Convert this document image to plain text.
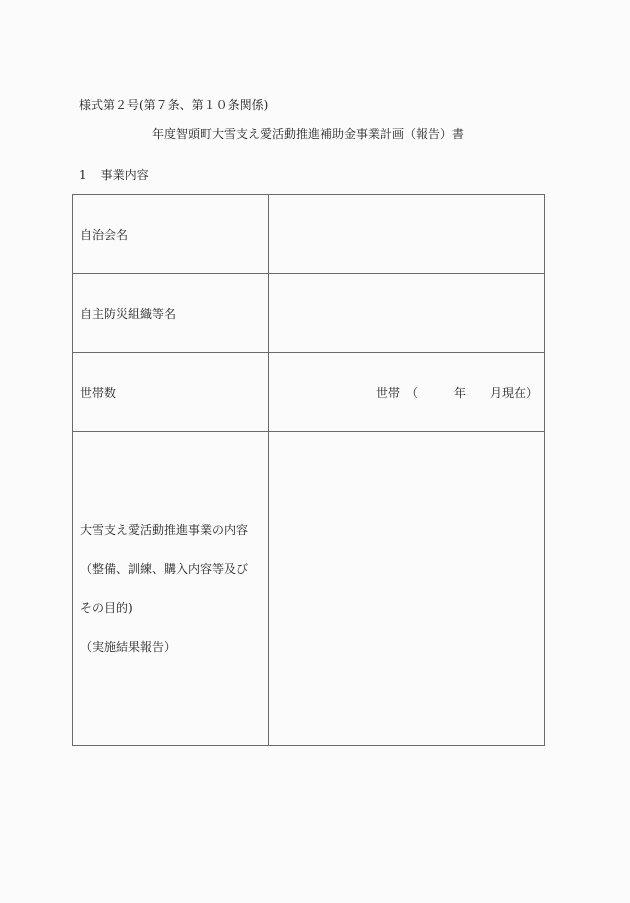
様式第２号(第７条、第１０条関係)
年度智頭町大雪支え愛活動推進補助金事業計画（報告）書
1 事業内容
自治会名	
自主防災組織等名	
世帯数	世帯　（　　　年　　月現在）

大雪支え愛活動推進事業の内容
（整備、訓練、購入内容等及び
その目的)
（実施結果報告）	
